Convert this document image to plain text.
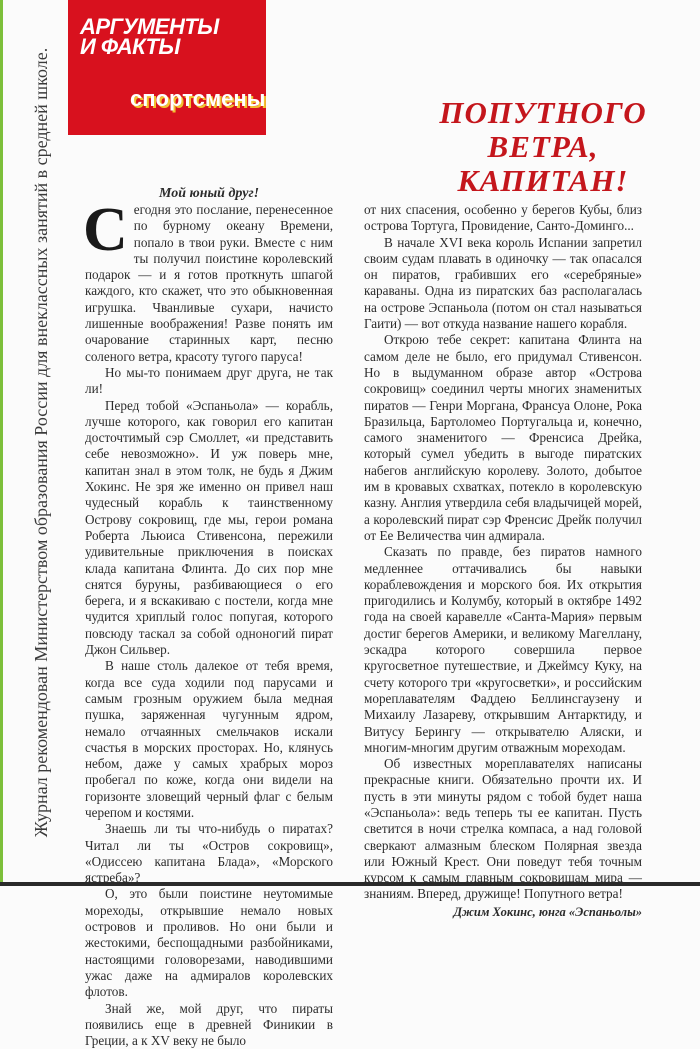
Журнал рекомендован Министерством образования России для внеклассных занятий в средней школе.
АРГУМЕНТЫ
И ФАКТЫ
спортсмены	ПОПУТНОГО
ВЕТРА,
КАПИТАН!
Мой юный друг!

Сегодня это послание, перенесенное по бурному океану Времени, попало в твои руки. Вместе с ним ты получил поистине королевский подарок — и я готов проткнуть шпагой каждого, кто скажет, что это обыкновенная игрушка. Чванливые сухари, начисто лишенные воображения! Разве понять им очарование старинных карт, песню соленого ветра, красоту тугого паруса!

Но мы-то понимаем друг друга, не так ли!

Перед тобой «Эспаньола» — корабль, лучше которого, как говорил его капитан досточтимый сэр Смоллет, «и представить себе невозможно». И уж поверь мне, капитан знал в этом толк, не будь я Джим Хокинс. Не зря же именно он привел наш чудесный корабль к таинственному Острову сокровищ, где мы, герои романа Роберта Льюиса Стивенсона, пережили удивительные приключения в поисках клада капитана Флинта. До сих пор мне снятся буруны, разбивающиеся о его берега, и я вскакиваю с постели, когда мне чудится хриплый голос попугая, которого повсюду таскал за собой одноногий пират Джон Сильвер.

В наше столь далекое от тебя время, когда все суда ходили под парусами и самым грозным оружием была медная пушка, заряженная чугунным ядром, немало отчаянных смельчаков искали счастья в морских просторах. Но, клянусь небом, даже у самых храбрых мороз пробегал по коже, когда они видели на горизонте зловещий черный флаг с белым черепом и костями.

Знаешь ли ты что-нибудь о пиратах? Читал ли ты «Остров сокровищ», «Одиссею капитана Блада», «Морского ястреба»?

О, это были поистине неутомимые мореходы, открывшие немало новых островов и проливов. Но они были и жестокими, беспощадными разбойниками, настоящими головорезами, наводившими ужас даже на адмиралов королевских флотов.

Знай же, мой друг, что пираты появились еще в древней Финикии в Греции, а к XV веку не было

от них спасения, особенно у берегов Кубы, близ острова Тортуга, Провидение, Санто-Доминго...

В начале XVI века король Испании запретил своим судам плавать в одиночку — так опасался он пиратов, грабивших его «серебряные» караваны. Одна из пиратских баз располагалась на острове Эспаньола (потом он стал называться Гаити) — вот откуда название нашего корабля.

Открою тебе секрет: капитана Флинта на самом деле не было, его придумал Стивенсон. Но в выдуманном образе автор «Острова сокровищ» соединил черты многих знаменитых пиратов — Генри Моргана, Франсуа Олоне, Рока Бразильца, Бартоломео Португальца и, конечно, самого знаменитого — Френсиса Дрейка, который сумел убедить в выгоде пиратских набегов английскую королеву. Золото, добытое им в кровавых схватках, потекло в королевскую казну. Англия утвердила себя владычицей морей, а королевский пират сэр Френсис Дрейк получил от Ее Величества чин адмирала.

Сказать по правде, без пиратов намного медленнее оттачивались бы навыки кораблевождения и морского боя. Их открытия пригодились и Колумбу, который в октябре 1492 года на своей каравелле «Санта-Мария» первым достиг берегов Америки, и великому Магеллану, эскадра которого совершила первое кругосветное путешествие, и Джеймсу Куку, на счету которого три «кругосветки», и российским мореплавателям Фаддею Беллинсгаузену и Михаилу Лазареву, открывшим Антарктиду, и Витусу Берингу — открывателю Аляски, и многим-многим другим отважным мореходам.

Об известных мореплавателях написаны прекрасные книги. Обязательно прочти их. И пусть в эти минуты рядом с тобой будет наша «Эспаньола»: ведь теперь ты ее капитан. Пусть светится в ночи стрелка компаса, а над головой сверкают алмазным блеском Полярная звезда или Южный Крест. Они поведут тебя точным курсом к самым главным сокровищам мира — знаниям. Вперед, дружище! Попутного ветра!

Джим Хокинс, юнга «Эспаньолы»
